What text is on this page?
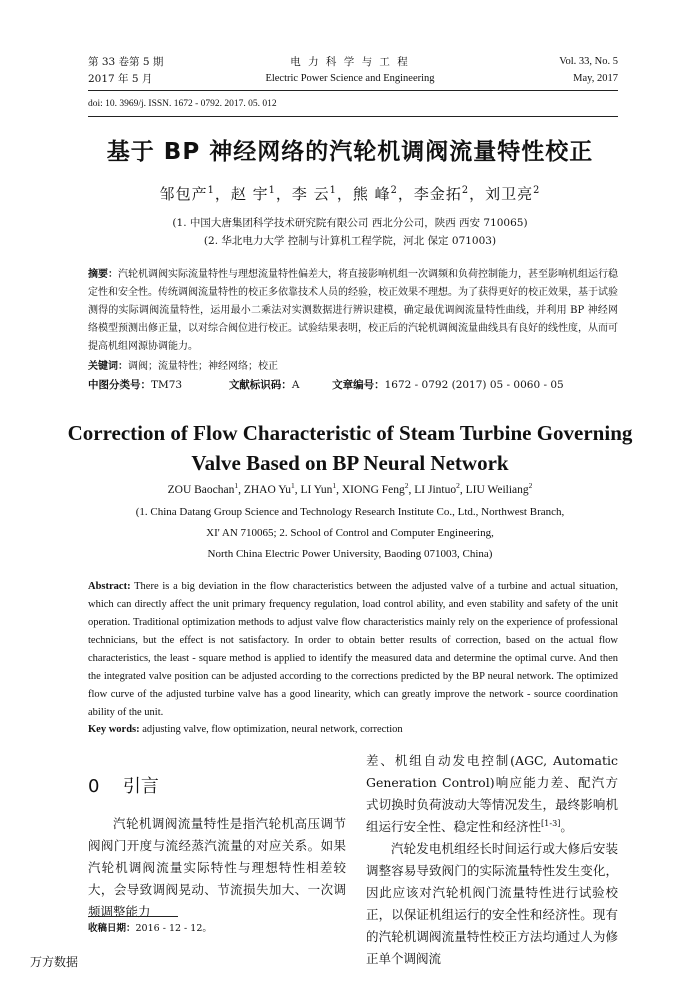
第 33 卷第 5 期
2017 年 5 月
电 力 科 学 与 工 程
Electric Power Science and Engineering
Vol. 33, No. 5
May, 2017
doi: 10. 3969/j. ISSN. 1672 - 0792. 2017. 05. 012
基于 BP 神经网络的汽轮机调阀流量特性校正
邹包产$^1$，赵 宇$^1$，李 云$^1$，熊 峰$^2$，李金拓$^2$，刘卫亮$^2$
(1. 中国大唐集团科学技术研究院有限公司 西北分公司，陕西 西安 710065)
(2. 华北电力大学 控制与计算机工程学院，河北 保定 071003)
摘要：汽轮机调阀实际流量特性与理想流量特性偏差大，将直接影响机组一次调频和负荷控制能力，甚至影响机组运行稳定性和安全性。传统调阀流量特性的校正多依靠技术人员的经验，校正效果不理想。为了获得更好的校正效果，基于试验测得的实际调阀流量特性，运用最小二乘法对实测数据进行辨识建模，确定最优调阀流量特性曲线，并利用 BP 神经网络模型预测出修正量，以对综合阀位进行校正。试验结果表明，校正后的汽轮机调阀流量曲线具有良好的线性度，从而可提高机组网源协调能力。
关键词：调阀；流量特性；神经网络；校正
中图分类号：TM73	文献标识码：A	文章编号：1672 - 0792 (2017) 05 - 0060 - 05
Correction of Flow Characteristic of Steam Turbine Governing
Valve Based on BP Neural Network
ZOU Baochan$^1$, ZHAO Yu$^1$, LI Yun$^1$, XIONG Feng$^2$, LI Jintuo$^2$, LIU Weiliang$^2$
(1. China Datang Group Science and Technology Research Institute Co., Ltd., Northwest Branch,
XI' AN 710065; 2. School of Control and Computer Engineering,
North China Electric Power University, Baoding 071003, China)
Abstract: There is a big deviation in the flow characteristics between the adjusted valve of a turbine and actual situation, which can directly affect the unit primary frequency regulation, load control ability, and even stability and safety of the unit operation. Traditional optimization methods to adjust valve flow characteristics mainly rely on the experience of professional technicians, but the effect is not satisfactory. In order to obtain better results of correction, based on the actual flow characteristics, the least - square method is applied to identify the measured data and determine the optimal curve. And then the integrated valve position can be adjusted according to the corrections predicted by the BP neural network. The optimized flow curve of the adjusted turbine valve has a good linearity, which can greatly improve the network - source coordination ability of the unit.
Key words: adjusting valve, flow optimization, neural network, correction
0 引言
汽轮机调阀流量特性是指汽轮机高压调节阀阀门开度与流经蒸汽流量的对应关系。如果汽轮机调阀流量实际特性与理想特性相差较大，会导致调阀晃动、节流损失加大、一次调频调整能力
收稿日期：2016 - 12 - 12。
差、机组自动发电控制(AGC, Automatic Generation Control)响应能力差、配汽方式切换时负荷波动大等情况发生，最终影响机组运行安全性、稳定性和经济性[1-3]。
汽轮发电机组经长时间运行或大修后安装调整容易导致阀门的实际流量特性发生变化，因此应该对汽轮机阀门流量特性进行试验校正，以保证机组运行的安全性和经济性。现有的汽轮机调阀流量特性校正方法均通过人为修正单个调阀流
万方数据
